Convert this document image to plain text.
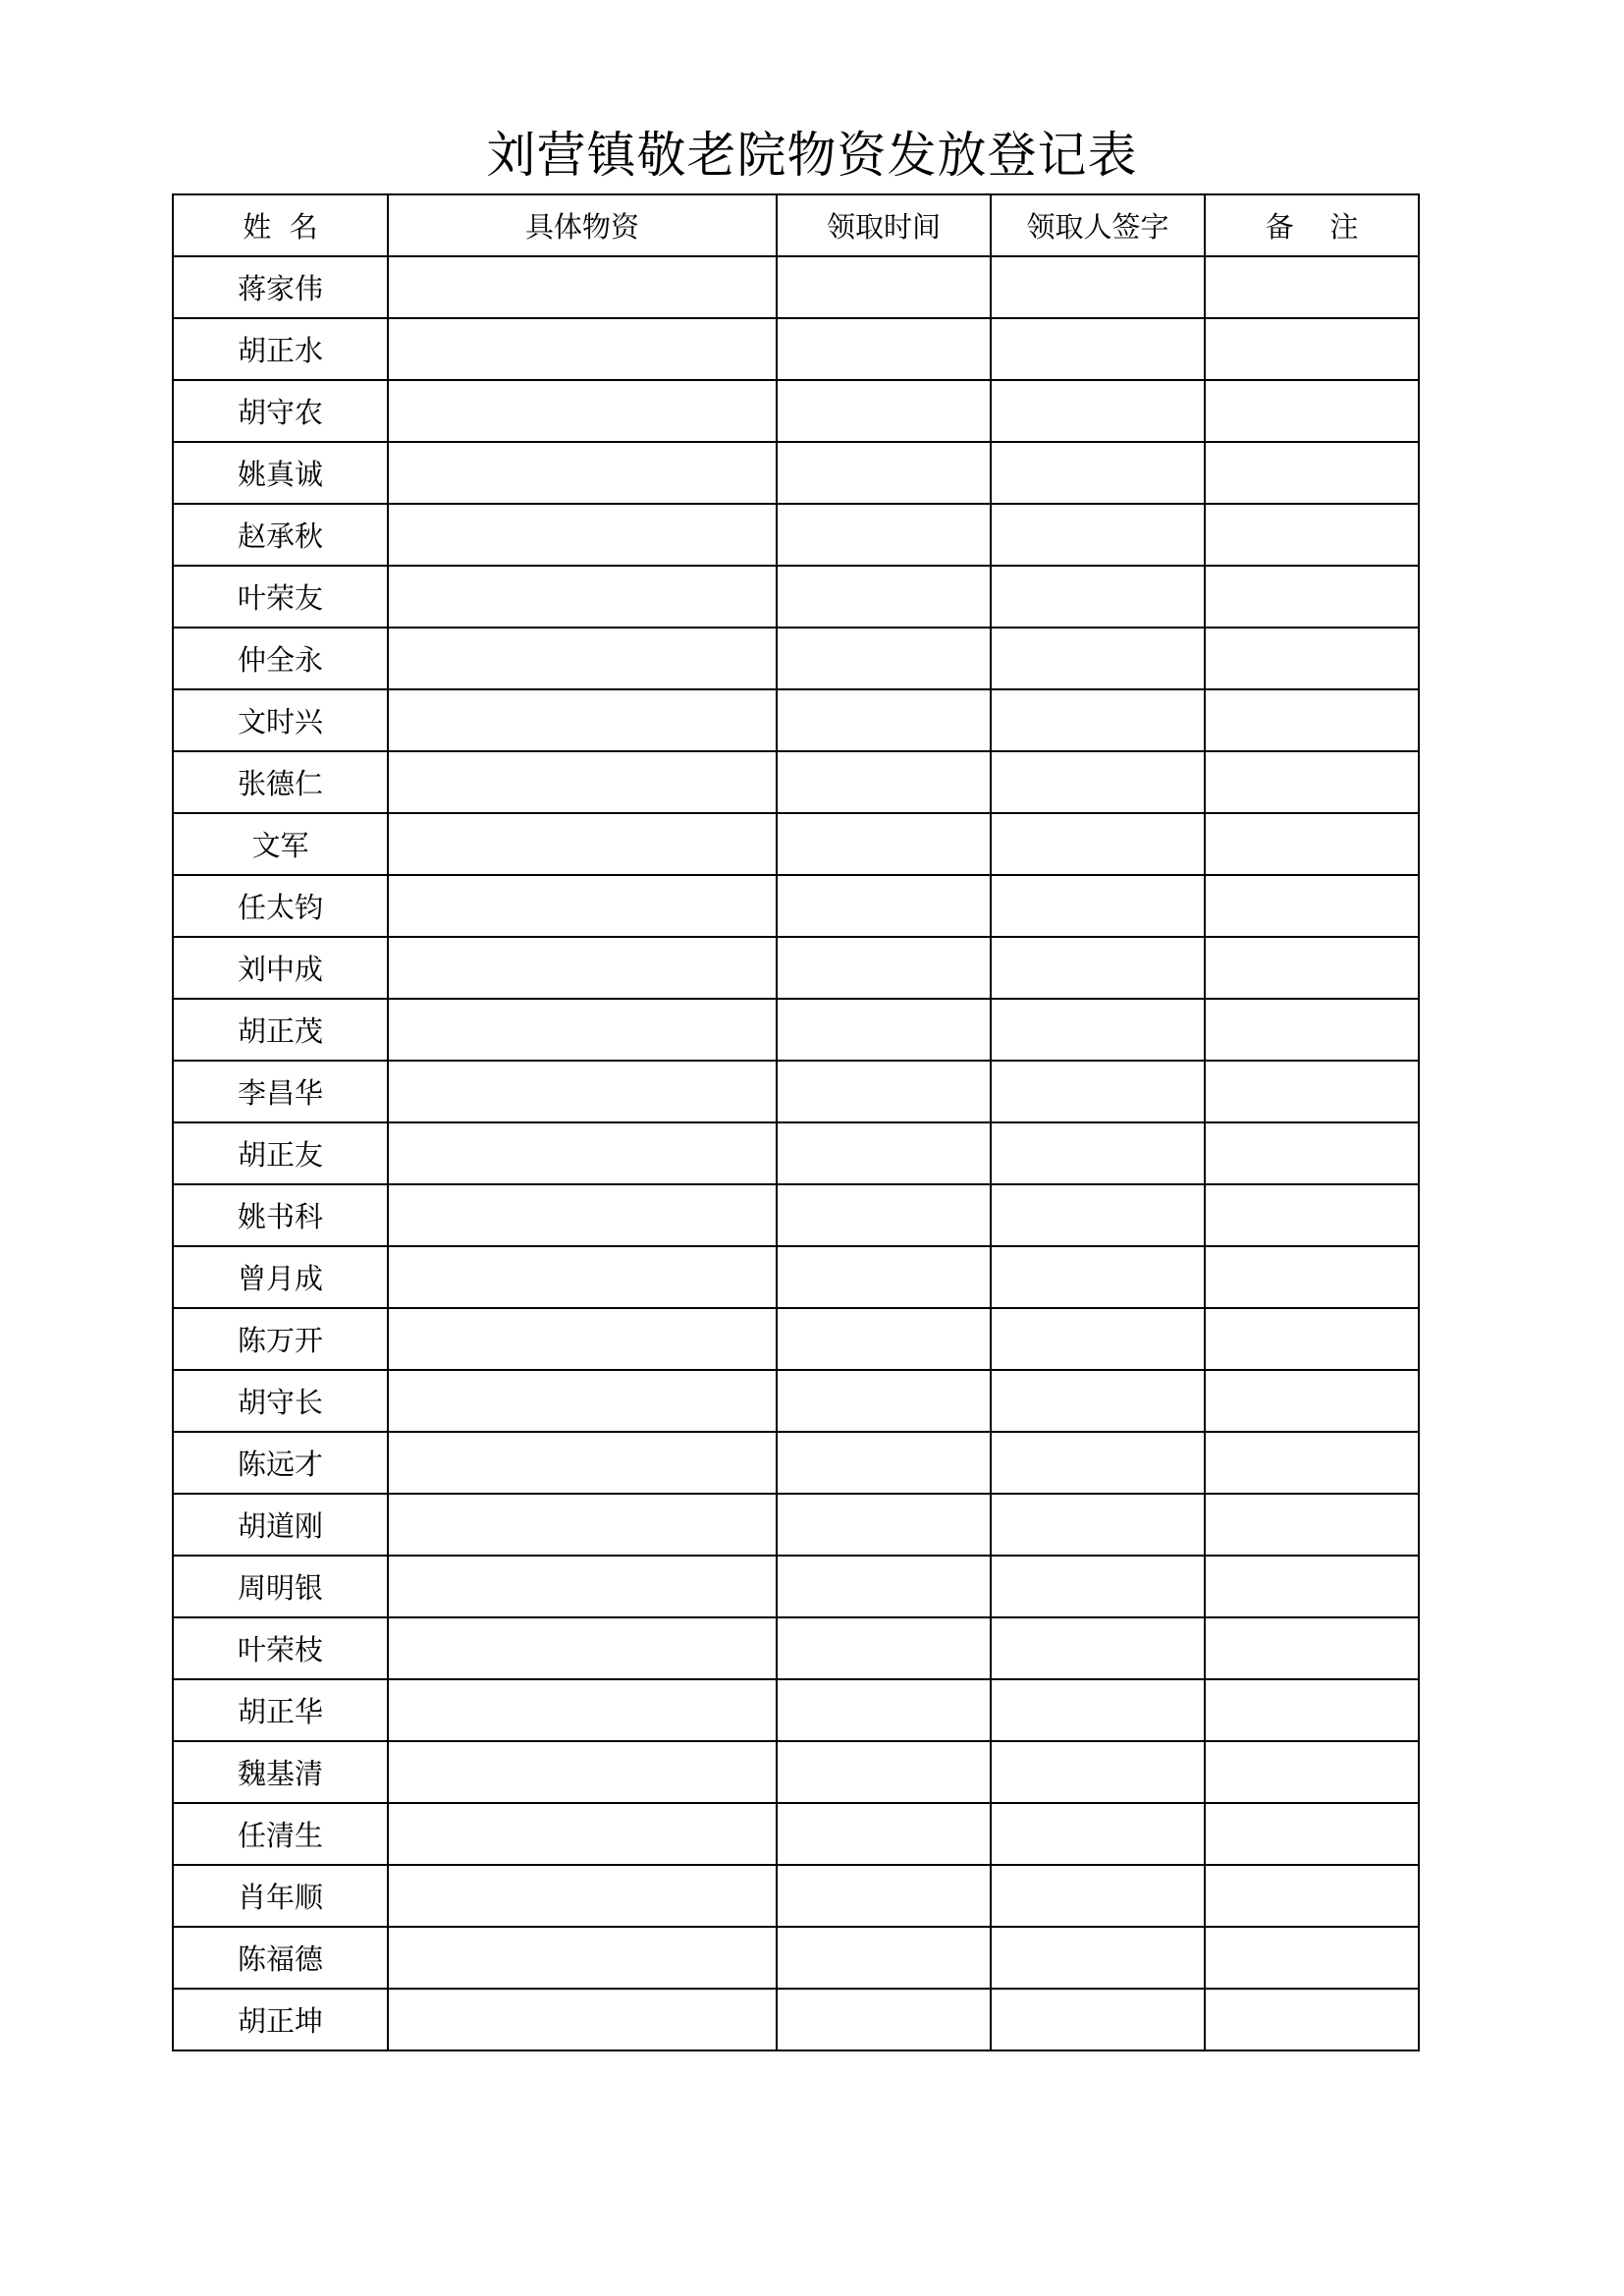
刘营镇敬老院物资发放登记表
姓  名	具体物资	领取时间	领取人签字	备    注
蒋家伟				
胡正水				
胡守农				
姚真诚				
赵承秋				
叶荣友				
仲全永				
文时兴				
张德仁				
文军				
任太钧				
刘中成				
胡正茂				
李昌华				
胡正友				
姚书科				
曾月成				
陈万开				
胡守长				
陈远才				
胡道刚				
周明银				
叶荣枝				
胡正华				
魏基清				
任清生				
肖年顺				
陈福德				
胡正坤				
